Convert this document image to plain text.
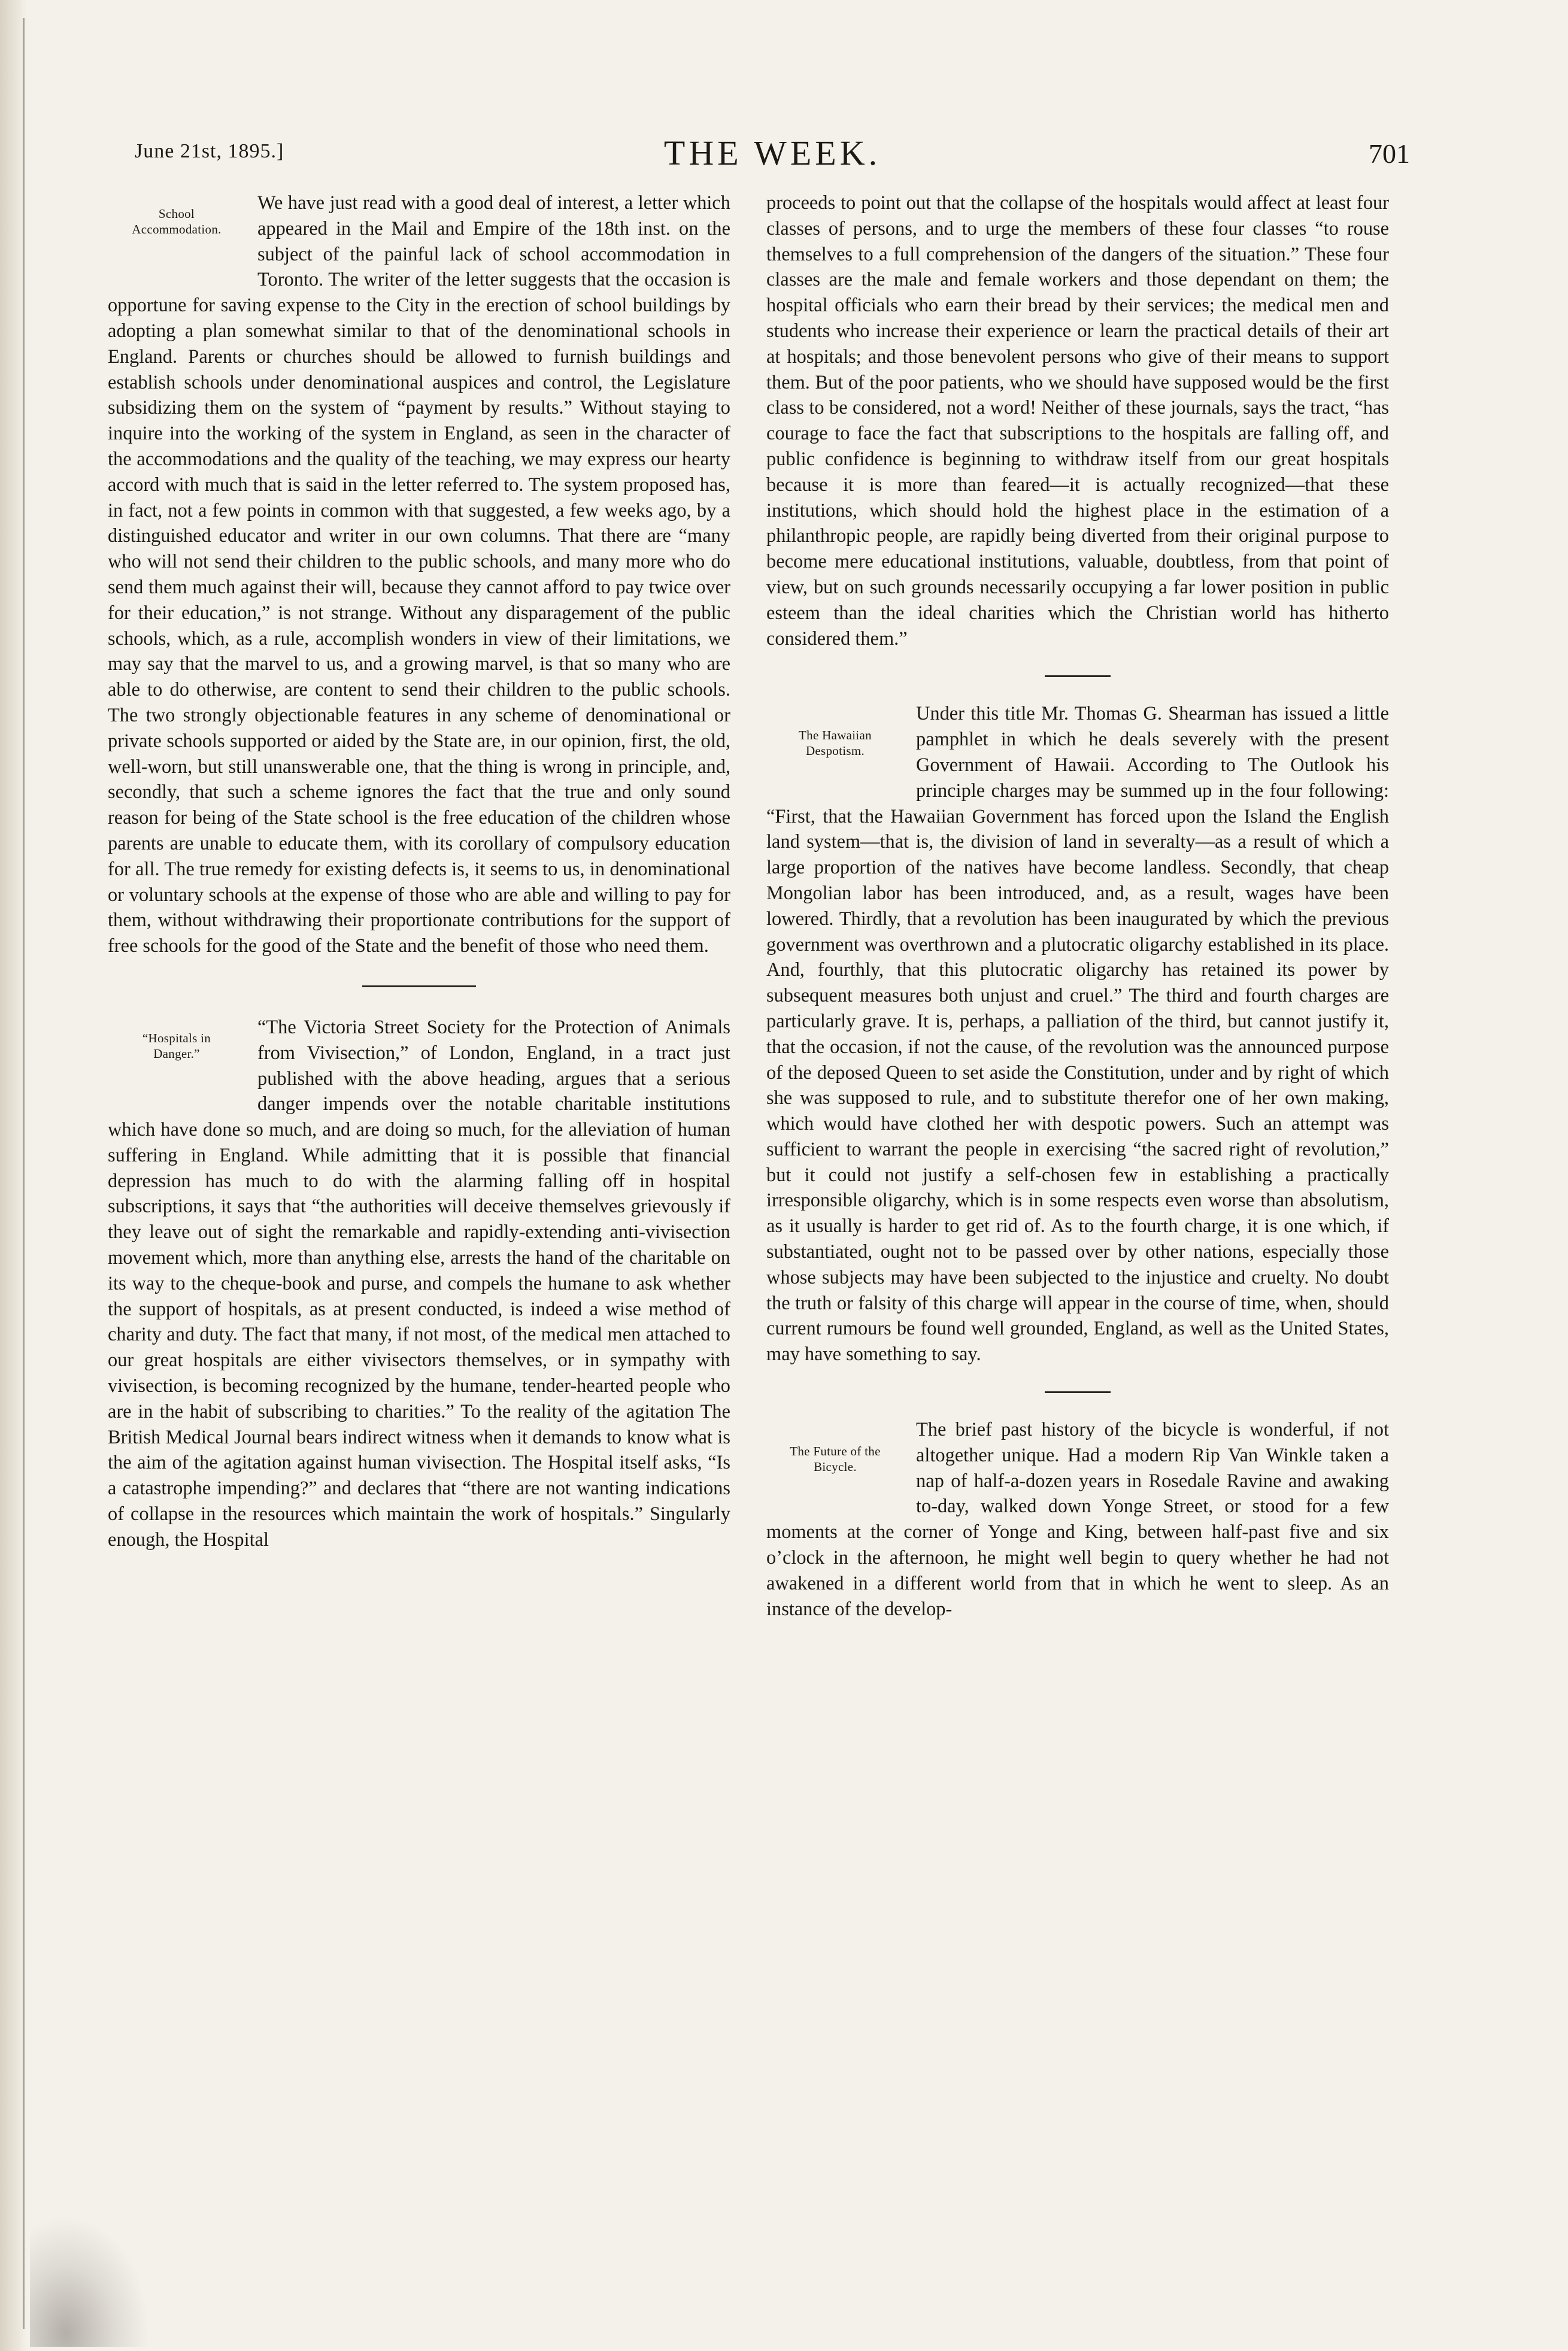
June 21st, 1895.]	THE WEEK.	701
School
Accommodation.

We have just read with a good deal of interest, a letter which appeared in the Mail and Empire of the 18th inst. on the subject of the painful lack of school accommodation in Toronto. The writer of the letter suggests that the occasion is opportune for saving expense to the City in the erection of school buildings by adopting a plan somewhat similar to that of the denominational schools in England. Parents or churches should be allowed to furnish buildings and establish schools under denominational auspices and control, the Legislature subsidizing them on the system of “payment by results.” Without staying to inquire into the working of the system in England, as seen in the character of the accommodations and the quality of the teaching, we may express our hearty accord with much that is said in the letter referred to. The system proposed has, in fact, not a few points in common with that suggested, a few weeks ago, by a distinguished educator and writer in our own columns. That there are “many who will not send their children to the public schools, and many more who do send them much against their will, because they cannot afford to pay twice over for their education,” is not strange. Without any disparagement of the public schools, which, as a rule, accomplish wonders in view of their limitations, we may say that the marvel to us, and a growing marvel, is that so many who are able to do otherwise, are content to send their children to the public schools. The two strongly objectionable features in any scheme of denominational or private schools supported or aided by the State are, in our opinion, first, the old, well-worn, but still unanswerable one, that the thing is wrong in principle, and, secondly, that such a scheme ignores the fact that the true and only sound reason for being of the State school is the free education of the children whose parents are unable to educate them, with its corollary of compulsory education for all. The true remedy for existing defects is, it seems to us, in denominational or voluntary schools at the expense of those who are able and willing to pay for them, without withdrawing their proportionate contributions for the support of free schools for the good of the State and the benefit of those who need them.

“Hospitals in
Danger.”

“The Victoria Street Society for the Protection of Animals from Vivisection,” of London, England, in a tract just published with the above heading, argues that a serious danger impends over the notable charitable institutions which have done so much, and are doing so much, for the alleviation of human suffering in England. While admitting that it is possible that financial depression has much to do with the alarming falling off in hospital subscriptions, it says that “the authorities will deceive themselves grievously if they leave out of sight the remarkable and rapidly-extending anti-vivisection movement which, more than anything else, arrests the hand of the charitable on its way to the cheque-book and purse, and compels the humane to ask whether the support of hospitals, as at present conducted, is indeed a wise method of charity and duty. The fact that many, if not most, of the medical men attached to our great hospitals are either vivisectors themselves, or in sympathy with vivisection, is becoming recognized by the humane, tender-hearted people who are in the habit of subscribing to charities.” To the reality of the agitation The British Medical Journal bears indirect witness when it demands to know what is the aim of the agitation against human vivisection. The Hospital itself asks, “Is a catastrophe impending?” and declares that “there are not wanting indications of collapse in the resources which maintain the work of hospitals.” Singularly enough, the Hospital

proceeds to point out that the collapse of the hospitals would affect at least four classes of persons, and to urge the members of these four classes “to rouse themselves to a full comprehension of the dangers of the situation.” These four classes are the male and female workers and those dependant on them; the hospital officials who earn their bread by their services; the medical men and students who increase their experience or learn the practical details of their art at hospitals; and those benevolent persons who give of their means to support them. But of the poor patients, who we should have supposed would be the first class to be considered, not a word! Neither of these journals, says the tract, “has courage to face the fact that subscriptions to the hospitals are falling off, and public confidence is beginning to withdraw itself from our great hospitals because it is more than feared—it is actually recognized—that these institutions, which should hold the highest place in the estimation of a philanthropic people, are rapidly being diverted from their original purpose to become mere educational institutions, valuable, doubtless, from that point of view, but on such grounds necessarily occupying a far lower position in public esteem than the ideal charities which the Christian world has hitherto considered them.”

The Hawaiian
Despotism.

Under this title Mr. Thomas G. Shearman has issued a little pamphlet in which he deals severely with the present Government of Hawaii. According to The Outlook his principle charges may be summed up in the four following: “First, that the Hawaiian Government has forced upon the Island the English land system—that is, the division of land in severalty—as a result of which a large proportion of the natives have become landless. Secondly, that cheap Mongolian labor has been introduced, and, as a result, wages have been lowered. Thirdly, that a revolution has been inaugurated by which the previous government was overthrown and a plutocratic oligarchy established in its place. And, fourthly, that this plutocratic oligarchy has retained its power by subsequent measures both unjust and cruel.” The third and fourth charges are particularly grave. It is, perhaps, a palliation of the third, but cannot justify it, that the occasion, if not the cause, of the revolution was the announced purpose of the deposed Queen to set aside the Constitution, under and by right of which she was supposed to rule, and to substitute therefor one of her own making, which would have clothed her with despotic powers. Such an attempt was sufficient to warrant the people in exercising “the sacred right of revolution,” but it could not justify a self-chosen few in establishing a practically irresponsible oligarchy, which is in some respects even worse than absolutism, as it usually is harder to get rid of. As to the fourth charge, it is one which, if substantiated, ought not to be passed over by other nations, especially those whose subjects may have been subjected to the injustice and cruelty. No doubt the truth or falsity of this charge will appear in the course of time, when, should current rumours be found well grounded, England, as well as the United States, may have something to say.

The Future of the
Bicycle.

The brief past history of the bicycle is wonderful, if not altogether unique. Had a modern Rip Van Winkle taken a nap of half-a-dozen years in Rosedale Ravine and awaking to-day, walked down Yonge Street, or stood for a few moments at the corner of Yonge and King, between half-past five and six o’clock in the afternoon, he might well begin to query whether he had not awakened in a different world from that in which he went to sleep. As an instance of the develop-
